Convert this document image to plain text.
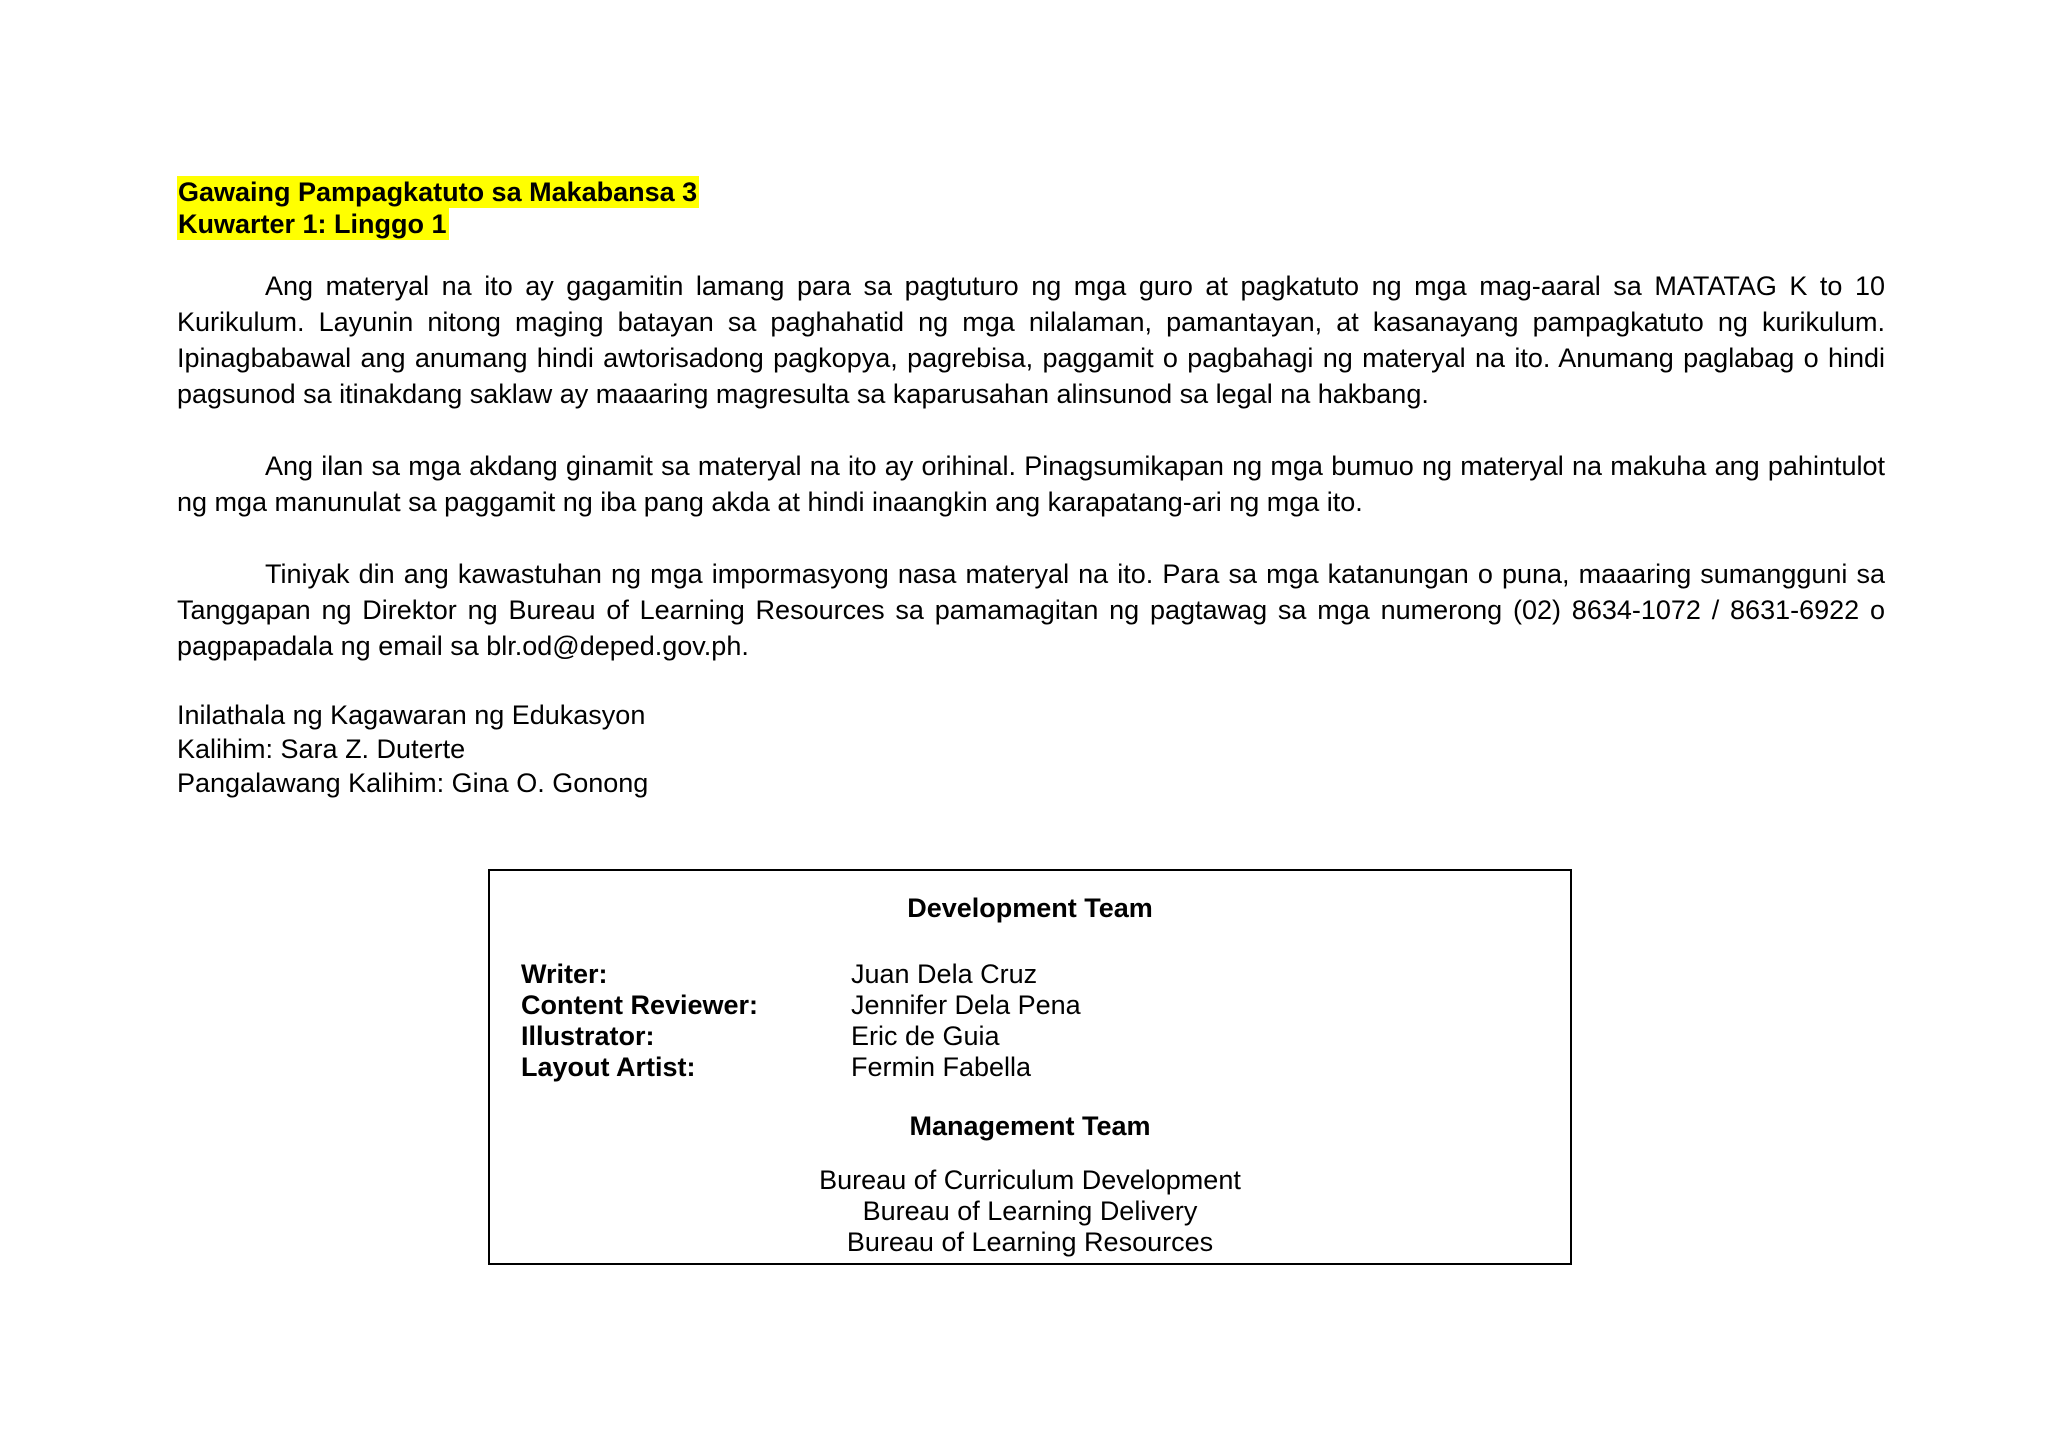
Gawaing Pampagkatuto sa Makabansa 3
Kuwarter 1: Linggo 1

Ang materyal na ito ay gagamitin lamang para sa pagtuturo ng mga guro at pagkatuto ng mga mag-aaral sa MATATAG K to 10 Kurikulum. Layunin nitong maging batayan sa paghahatid ng mga nilalaman, pamantayan, at kasanayang pampagkatuto ng kurikulum. Ipinagbabawal ang anumang hindi awtorisadong pagkopya, pagrebisa, paggamit o pagbahagi ng materyal na ito. Anumang paglabag o hindi pagsunod sa itinakdang saklaw ay maaaring magresulta sa kaparusahan alinsunod sa legal na hakbang.

Ang ilan sa mga akdang ginamit sa materyal na ito ay orihinal. Pinagsumikapan ng mga bumuo ng materyal na makuha ang pahintulot ng mga manunulat sa paggamit ng iba pang akda at hindi inaangkin ang karapatang-ari ng mga ito.

Tiniyak din ang kawastuhan ng mga impormasyong nasa materyal na ito. Para sa mga katanungan o puna, maaaring sumangguni sa Tanggapan ng Direktor ng Bureau of Learning Resources sa pamamagitan ng pagtawag sa mga numerong (02) 8634-1072 / 8631-6922 o pagpapadala ng email sa blr.od@deped.gov.ph.

Inilathala ng Kagawaran ng Edukasyon
Kalihim: Sara Z. Duterte
Pangalawang Kalihim: Gina O. Gonong
Development Team
Writer:	Juan Dela Cruz
Content Reviewer:	Jennifer Dela Pena
Illustrator:	Eric de Guia
Layout Artist:	Fermin Fabella
Management Team
Bureau of Curriculum Development
Bureau of Learning Delivery
Bureau of Learning Resources
